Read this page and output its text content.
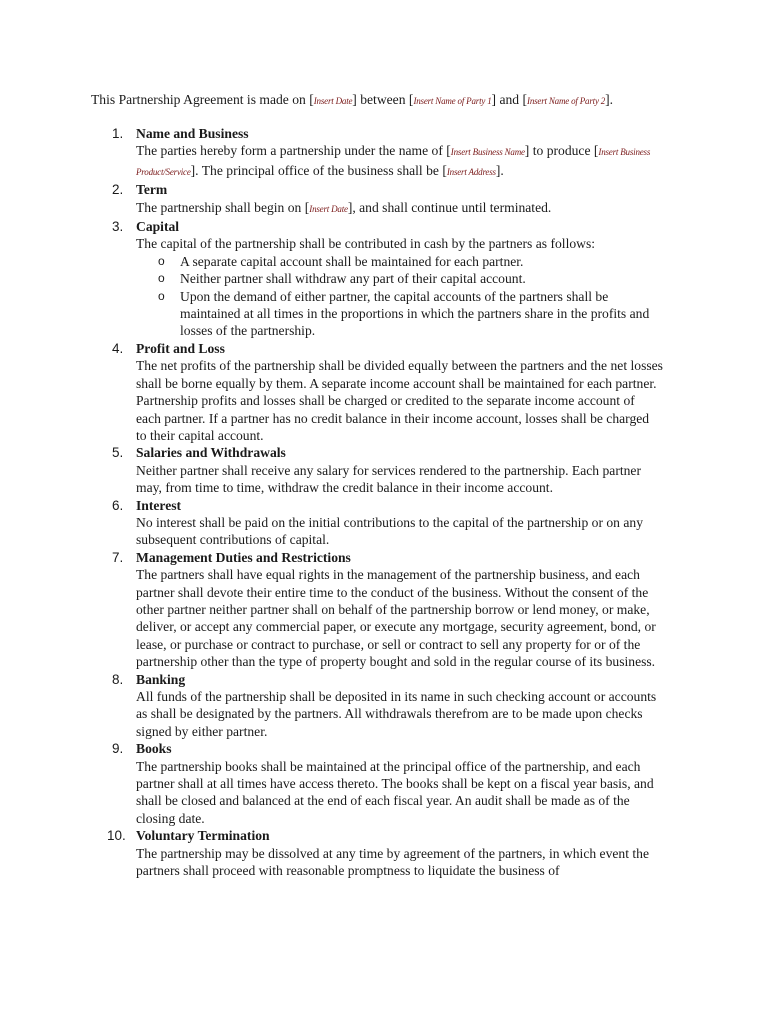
This Partnership Agreement is made on [Insert Date] between [Insert Name of Party 1] and [Insert Name of Party 2].

1. Name and Business
The parties hereby form a partnership under the name of [Insert Business Name] to produce [Insert Business Product/Service]. The principal office of the business shall be [Insert Address].
2. Term
The partnership shall begin on [Insert Date], and shall continue until terminated.
3. Capital
The capital of the partnership shall be contributed in cash by the partners as follows:
o A separate capital account shall be maintained for each partner.
o Neither partner shall withdraw any part of their capital account.
o Upon the demand of either partner, the capital accounts of the partners shall be maintained at all times in the proportions in which the partners share in the profits and losses of the partnership.
4. Profit and Loss
The net profits of the partnership shall be divided equally between the partners and the net losses shall be borne equally by them. A separate income account shall be maintained for each partner. Partnership profits and losses shall be charged or credited to the separate income account of each partner. If a partner has no credit balance in their income account, losses shall be charged to their capital account.
5. Salaries and Withdrawals
Neither partner shall receive any salary for services rendered to the partnership. Each partner may, from time to time, withdraw the credit balance in their income account.
6. Interest
No interest shall be paid on the initial contributions to the capital of the partnership or on any subsequent contributions of capital.
7. Management Duties and Restrictions
The partners shall have equal rights in the management of the partnership business, and each partner shall devote their entire time to the conduct of the business. Without the consent of the other partner neither partner shall on behalf of the partnership borrow or lend money, or make, deliver, or accept any commercial paper, or execute any mortgage, security agreement, bond, or lease, or purchase or contract to purchase, or sell or contract to sell any property for or of the partnership other than the type of property bought and sold in the regular course of its business.
8. Banking
All funds of the partnership shall be deposited in its name in such checking account or accounts as shall be designated by the partners. All withdrawals therefrom are to be made upon checks signed by either partner.
9. Books
The partnership books shall be maintained at the principal office of the partnership, and each partner shall at all times have access thereto. The books shall be kept on a fiscal year basis, and shall be closed and balanced at the end of each fiscal year. An audit shall be made as of the closing date.
10. Voluntary Termination
The partnership may be dissolved at any time by agreement of the partners, in which event the partners shall proceed with reasonable promptness to liquidate the business of
